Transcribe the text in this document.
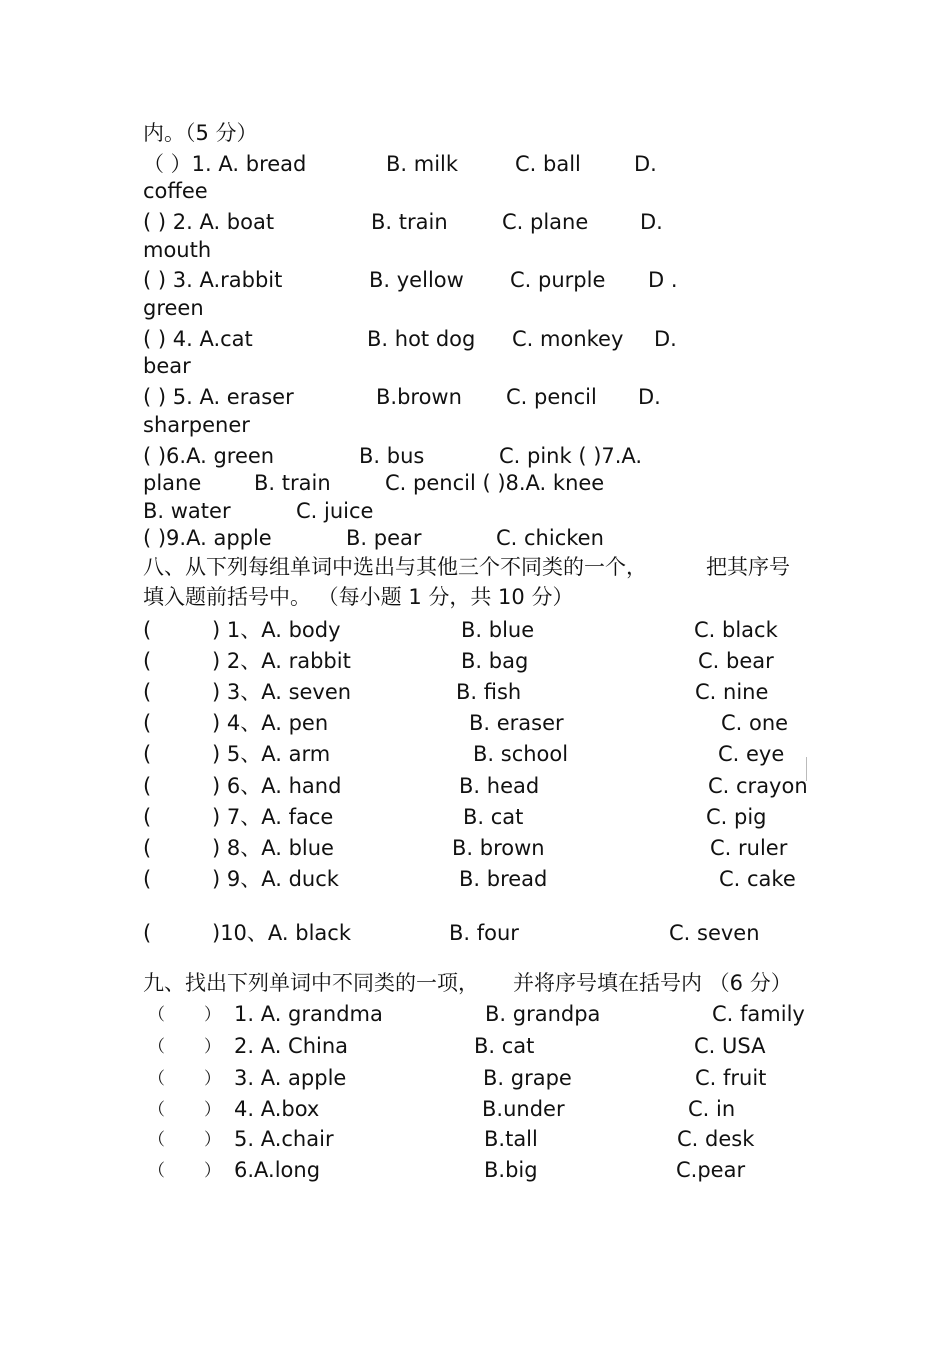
内。（5 分）
（ ）1. A. bread	B. milk	C. ball	D.
coffee
( ) 2. A. boat	B. train	C. plane D.
mouth
( ) 3. A.rabbit	B. yellow C. purple D .
green
( ) 4. A.cat	B. hot dog C. monkey D.
bear
( ) 5. A. eraser	B.brown C. pencil D.
sharpener
( )6.A. green	B. bus	C. pink ( )7.A.
plane	B. train	C. pencil ( )8.A. knee
B. water	C. juice
( )9.A. apple	B. pear	C. chicken
八、从下列每组单词中选出与其他三个不同类的一个，	把其序号
填入题前括号中。 （每小题 1 分，共 10 分）
(	) 1、A. body	B. blue	C. black
(	) 2、A. rabbit	B. bag	C. bear
(	) 3、A. seven	B. fish	C. nine
(	) 4、A. pen	B. eraser	C. one
(	) 5、A. arm	B. school	C. eye
(	) 6、A. hand	B. head	C. crayon
(	) 7、A. face	B. cat	C. pig
(	) 8、A. blue	B. brown	C. ruler
(	) 9、A. duck	B. bread	C. cake
(	)10、A. black	B. four	C. seven
九、找出下列单词中不同类的一项， 并将序号填在括号内 （6 分）
（ ） 1. A. grandma	B. grandpa	C. family
（ ） 2. A. China	B. cat	C. USA
（ ） 3. A. apple	B. grape	C. fruit
（ ） 4. A.box	B.under	C. in
（ ） 5. A.chair	B.tall	C. desk
（ ） 6.A.long	B.big	C.pear
